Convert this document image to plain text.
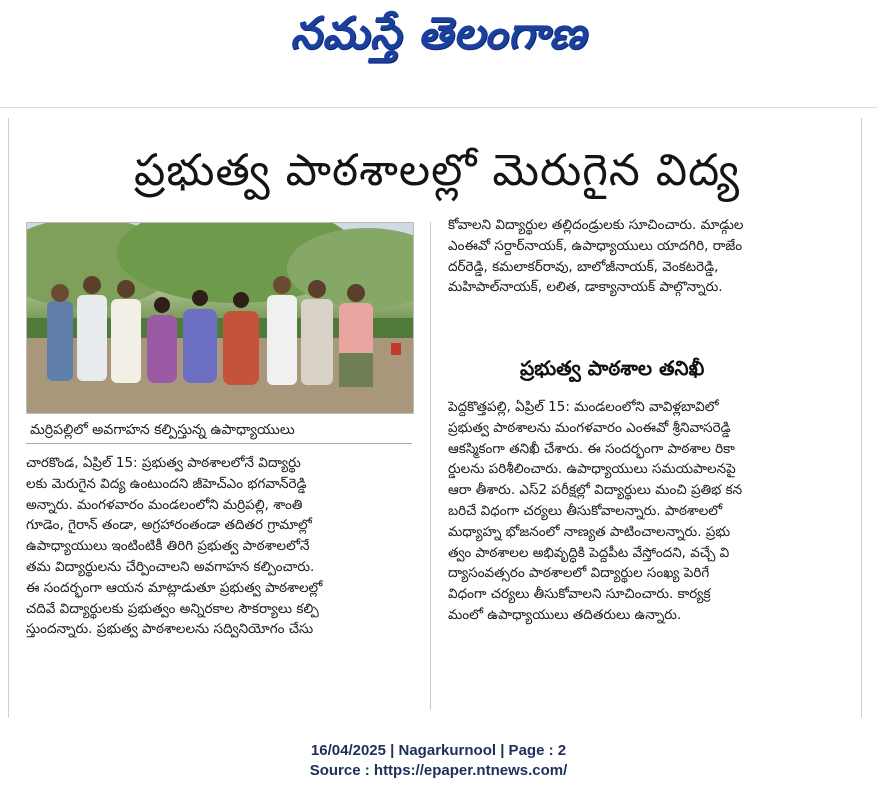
నమస్తే తెలంగాణ
ప్రభుత్వ పాఠశాలల్లో మెరుగైన విద్య
మర్రిపల్లిలో అవగాహన కల్పిస్తున్న ఉపాధ్యాయులు
చారకొండ, ఏప్రిల్ 15: ప్రభుత్వ పాఠశాలలోనే విద్యార్థు
లకు మెరుగైన విద్య ఉంటుందని జీహెచ్ఎం భగవాన్‌రెడ్డి
అన్నారు. మంగళవారం మండలంలోని మర్రిపల్లి, శాంతి
గూడెం, గైరాన్ తండా, అగ్రహారంతండా తదితర గ్రామాల్లో
ఉపాధ్యాయులు ఇంటింటికీ తిరిగి ప్రభుత్వ పాఠశాలలోనే
తమ విద్యార్థులను చేర్పించాలని అవగాహన కల్పించారు.
ఈ సందర్భంగా ఆయన మాట్లాడుతూ ప్రభుత్వ పాఠశాలల్లో
చదివే విద్యార్థులకు ప్రభుత్వం అన్నిరకాల సౌకర్యాలు కల్పి
స్తుందన్నారు. ప్రభుత్వ పాఠశాలలను సద్వినియోగం చేసు
కోవాలని విద్యార్థుల తల్లిదండ్రులకు సూచించారు. మాడ్గుల
ఎంఈవో సర్దార్‌నాయక్, ఉపాధ్యాయులు యాదగిరి, రాజేం
దర్‌రెడ్డి, కమలాకర్‌రావు, బాలోజీనాయక్, వెంకటరెడ్డి,
మహిపాల్‌నాయక్, లలిత, డాక్యానాయక్ పాల్గొన్నారు.
ప్రభుత్వ పాఠశాల తనిఖీ
పెద్దకొత్తపల్లి, ఏప్రిల్ 15: మండలంలోని వావిళ్లబావిలో
ప్రభుత్వ పాఠశాలను మంగళవారం ఎంఈవో శ్రీనివాసరెడ్డి
ఆకస్మికంగా తనిఖీ చేశారు. ఈ సందర్భంగా పాఠశాల రికా
ర్డులను పరిశీలించారు. ఉపాధ్యాయులు సమయపాలనపై
ఆరా తీశారు. ఎస్2 పరీక్షల్లో విద్యార్థులు మంచి ప్రతిభ కన
బరిచే విధంగా చర్యలు తీసుకోవాలన్నారు. పాఠశాలలో
మధ్యాహ్న భోజనంలో నాణ్యత పాటించాలన్నారు. ప్రభు
త్వం పాఠశాలల అభివృద్ధికి పెద్దపీట వేస్తోందని, వచ్చే వి
ద్యాసంవత్సరం పాఠశాలలో విద్యార్థుల సంఖ్య పెరిగే
విధంగా చర్యలు తీసుకోవాలని సూచించారు. కార్యక్ర
మంలో ఉపాధ్యాయులు తదితరులు ఉన్నారు.
16/04/2025 | Nagarkurnool | Page : 2
Source : https://epaper.ntnews.com/
